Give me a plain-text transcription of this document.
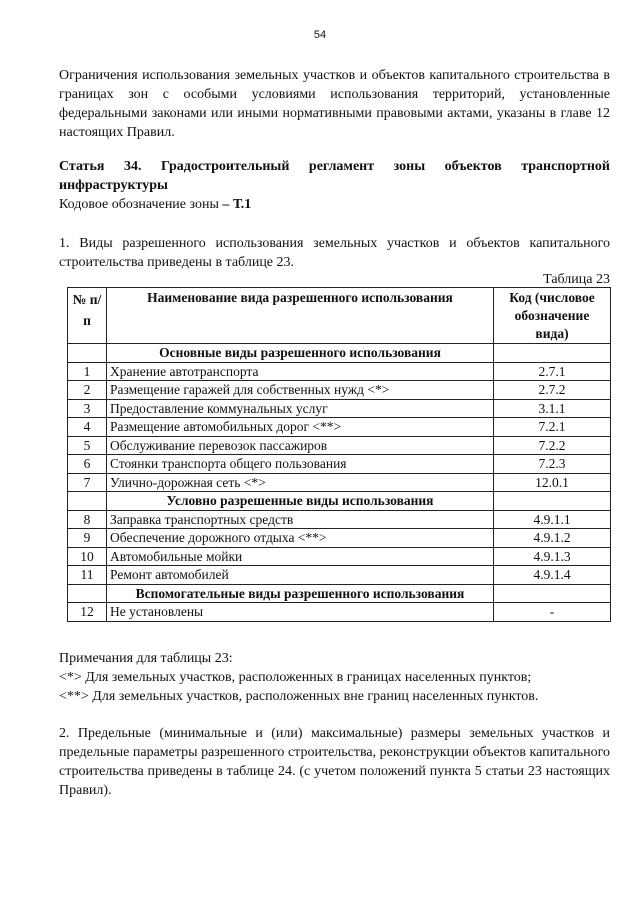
54
Ограничения использования земельных участков и объектов капитального строительства в границах зон с особыми условиями использования территорий, установленные федеральными законами или иными нормативными правовыми актами, указаны в главе 12 настоящих Правил.
Статья 34. Градостроительный регламент зоны объектов транспортной инфраструктуры
Кодовое обозначение зоны – Т.1
1. Виды разрешенного использования земельных участков и объектов капитального строительства приведены в таблице 23.
Таблица 23
№ п/ п	Наименование вида разрешенного использования	Код (числовое обозначение вида)
	Основные виды разрешенного использования	
1	Хранение автотранспорта	2.7.1
2	Размещение гаражей для собственных нужд <*>	2.7.2
3	Предоставление коммунальных услуг	3.1.1
4	Размещение автомобильных дорог <**>	7.2.1
5	Обслуживание перевозок пассажиров	7.2.2
6	Стоянки транспорта общего пользования	7.2.3
7	Улично-дорожная сеть <*>	12.0.1
	Условно разрешенные виды использования	
8	Заправка транспортных средств	4.9.1.1
9	Обеспечение дорожного отдыха <**>	4.9.1.2
10	Автомобильные мойки	4.9.1.3
11	Ремонт автомобилей	4.9.1.4
	Вспомогательные виды разрешенного использования	
12	Не установлены	-
Примечания для таблицы 23:
<*> Для земельных участков, расположенных в границах населенных пунктов;
<**> Для земельных участков, расположенных вне границ населенных пунктов.
2. Предельные (минимальные и (или) максимальные) размеры земельных участков и предельные параметры разрешенного строительства, реконструкции объектов капитального строительства приведены в таблице 24. (с учетом положений пункта 5 статьи 23 настоящих Правил).
